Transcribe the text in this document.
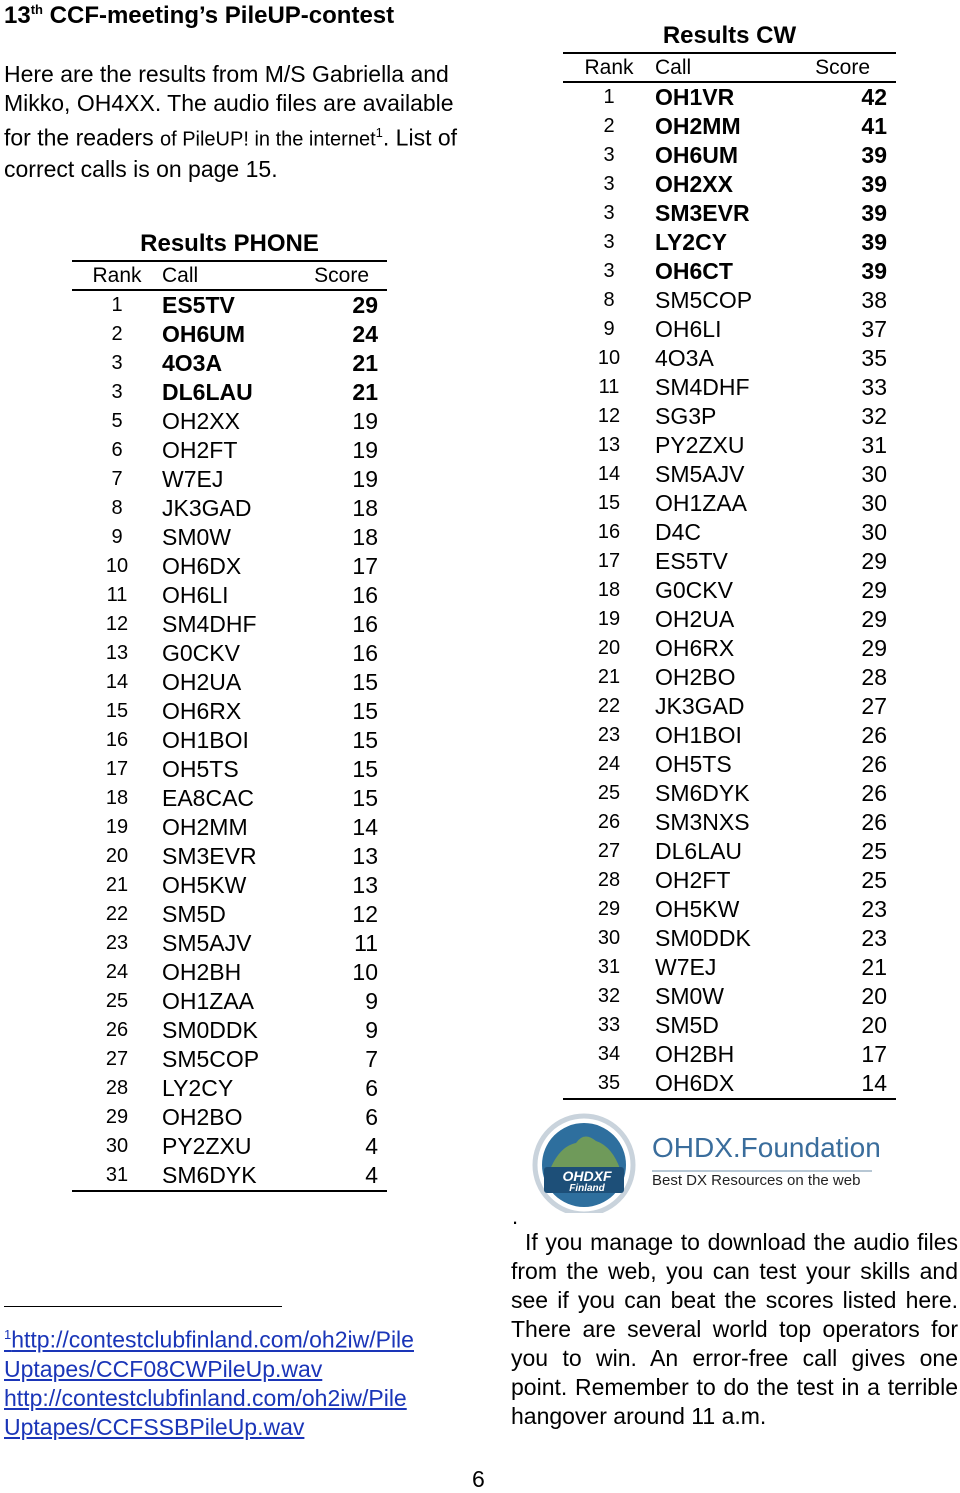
13th CCF-meeting’s PileUP-contest
Here are the results from M/S Gabriella and Mikko, OH4XX. The audio files are available for the readers of PileUP! in the internet$^1$. List of correct calls is on page 15.
Results PHONE		
Rank	Call	Score
1	ES5TV	29
2	OH6UM	24
3	4O3A	21
3	DL6LAU	21
5	OH2XX	19
6	OH2FT	19
7	W7EJ	19
8	JK3GAD	18
9	SM0W	18
10	OH6DX	17
11	OH6LI	16
12	SM4DHF	16
13	G0CKV	16
14	OH2UA	15
15	OH6RX	15
16	OH1BOI	15
17	OH5TS	15
18	EA8CAC	15
19	OH2MM	14
20	SM3EVR	13
21	OH5KW	13
22	SM5D	12
23	SM5AJV	11
24	OH2BH	10
25	OH1ZAA	9
26	SM0DDK	9
27	SM5COP	7
28	LY2CY	6
29	OH2BO	6
30	PY2ZXU	4
31	SM6DYK	4
Results CW		
Rank	Call	Score
1	OH1VR	42
2	OH2MM	41
3	OH6UM	39
3	OH2XX	39
3	SM3EVR	39
3	LY2CY	39
3	OH6CT	39
8	SM5COP	38
9	OH6LI	37
10	4O3A	35
11	SM4DHF	33
12	SG3P	32
13	PY2ZXU	31
14	SM5AJV	30
15	OH1ZAA	30
16	D4C	30
17	ES5TV	29
18	G0CKV	29
19	OH2UA	29
20	OH6RX	29
21	OH2BO	28
22	JK3GAD	27
23	OH1BOI	26
24	OH5TS	26
25	SM6DYK	26
26	SM3NXS	26
27	DL6LAU	25
28	OH2FT	25
29	OH5KW	23
30	SM0DDK	23
31	W7EJ	21
32	SM0W	20
33	SM5D	20
34	OH2BH	17
35	OH6DX	14
OHDXF
Finland
OHDX.Foundation
Best DX Resources on the web
.
If you manage to download the audio files from the web, you can test your skills and see if you can beat the scores listed here. There are several world top operators for you to win. An error-free call gives one point. Remember to do the test in a terrible hangover around 11 a.m.
$^1$http://contestclubfinland.com/oh2iw/Pile
Uptapes/CCF08CWPileUp.wav
http://contestclubfinland.com/oh2iw/Pile
Uptapes/CCFSSBPileUp.wav
6
